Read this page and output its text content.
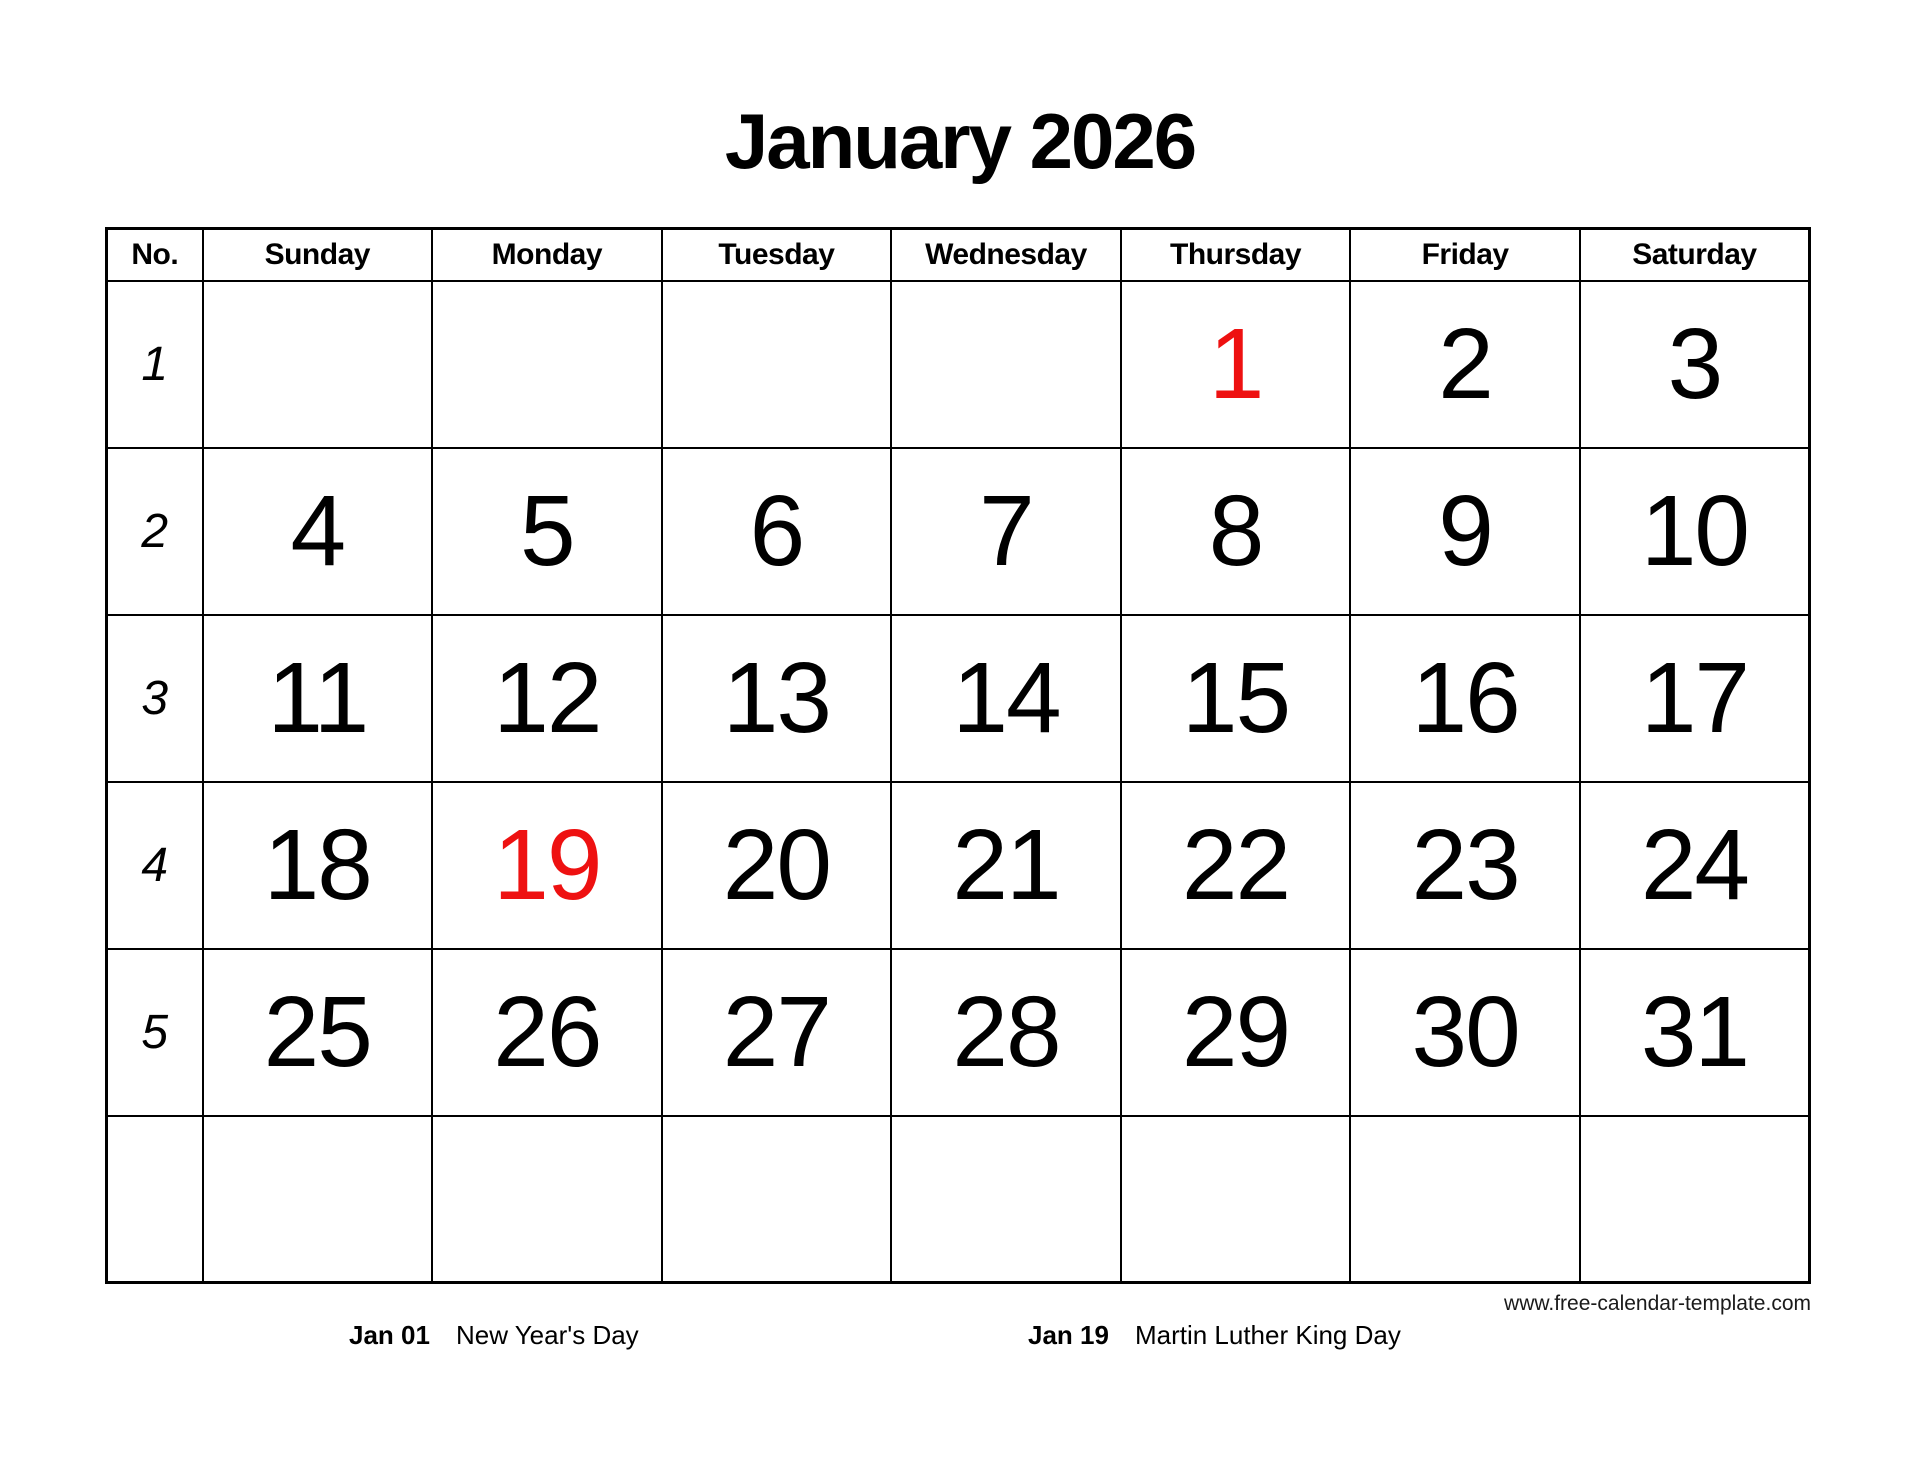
January 2026
No.	Sunday	Monday	Tuesday	Wednesday	Thursday	Friday	Saturday
1					1	2	3
2	4	5	6	7	8	9	10
3	11	12	13	14	15	16	17
4	18	19	20	21	22	23	24
5	25	26	27	28	29	30	31

www.free-calendar-template.com
Jan 01 New Year's Day	Jan 19 Martin Luther King Day
